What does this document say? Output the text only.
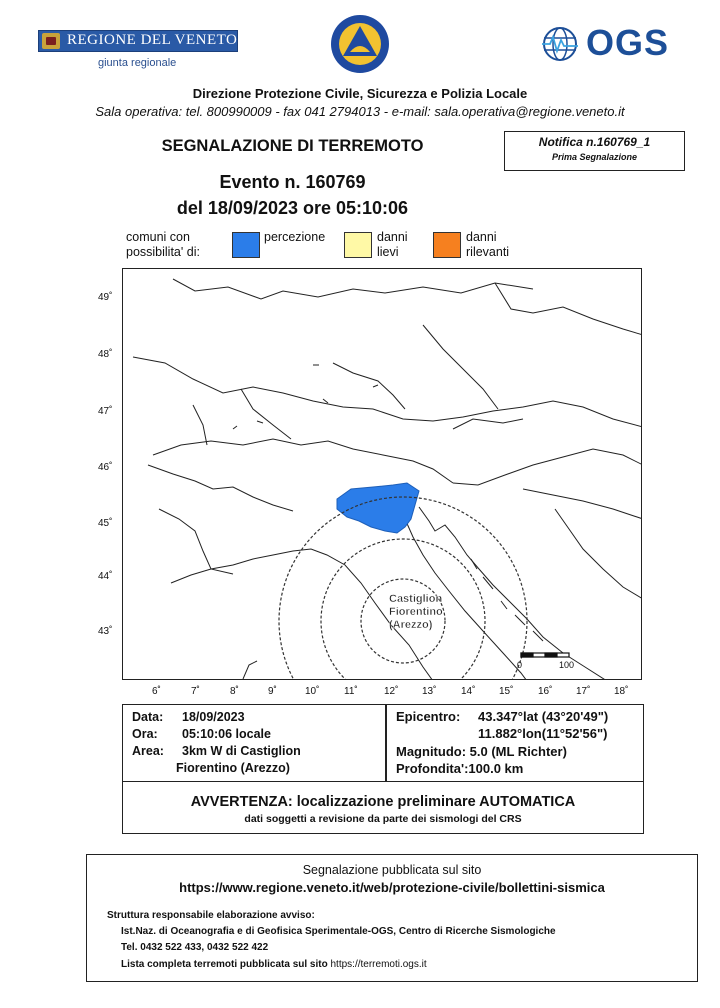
REGIONE DEL VENETO
giunta regionale	OGS
Direzione Protezione Civile, Sicurezza e Polizia Locale
Sala operativa: tel. 800990009 - fax 041 2794013 - e-mail: sala.operativa@regione.veneto.it
SEGNALAZIONE DI TERREMOTO	Notifica n.160769_1
Prima Segnalazione
Evento n. 160769
del 18/09/2023 ore 05:10:06
comuni con
possibilita' di:
percezione	danni
lievi
danni
rilevanti
49˚
48˚
47˚
46˚
45˚
44˚
43˚
Castiglion
Fiorentino
(Arezzo)
0	100
6˚	7˚	8˚	9˚	10˚ 11˚	12˚ 13˚ 14˚ 15˚ 16˚ 17˚ 18˚
Data: 18/09/2023
Ora: 05:10:06 locale
Area: 3km W di Castiglion
Fiorentino (Arezzo)
Epicentro: 43.347°lat (43°20'49")
11.882°lon(11°52'56")
Magnitudo: 5.0 (ML Richter)
Profondita':100.0 km
AVVERTENZA: localizzazione preliminare AUTOMATICA
dati soggetti a revisione da parte dei sismologi del CRS
Segnalazione pubblicata sul sito
https://www.regione.veneto.it/web/protezione-civile/bollettini-sismica
Struttura responsabile elaborazione avviso:
Ist.Naz. di Oceanografia e di Geofisica Sperimentale-OGS, Centro di Ricerche Sismologiche
Tel. 0432 522 433, 0432 522 422
Lista completa terremoti pubblicata sul sito https://terremoti.ogs.it
